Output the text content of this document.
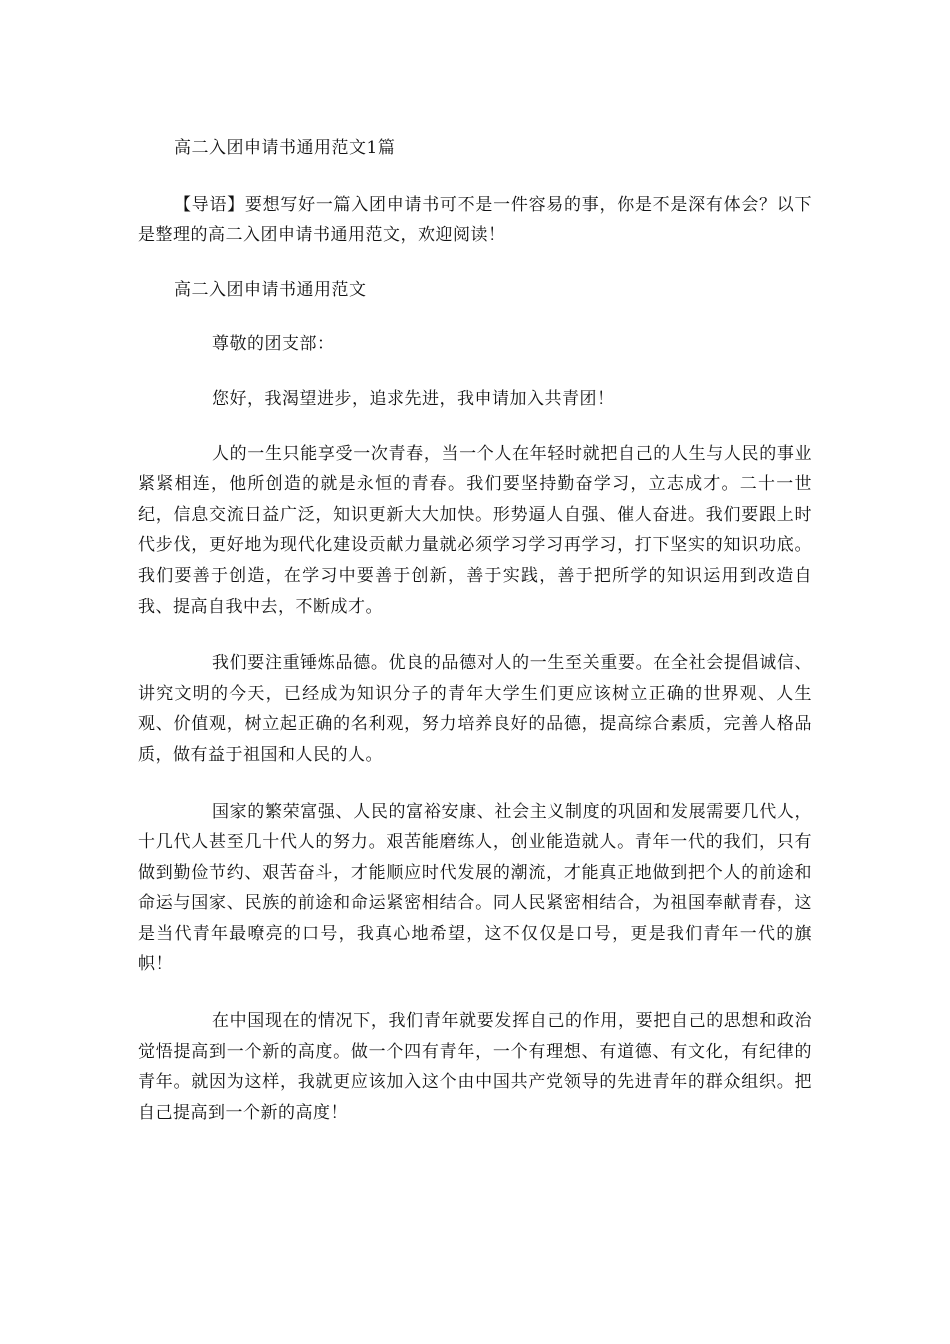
高二入团申请书通用范文1篇

【导语】要想写好一篇入团申请书可不是一件容易的事，你是不是深有体会？以下是整理的高二入团申请书通用范文，欢迎阅读！

高二入团申请书通用范文

尊敬的团支部：

您好，我渴望进步，追求先进，我申请加入共青团！

人的一生只能享受一次青春，当一个人在年轻时就把自己的人生与人民的事业紧紧相连，他所创造的就是永恒的青春。我们要坚持勤奋学习，立志成才。二十一世纪，信息交流日益广泛，知识更新大大加快。形势逼人自强、催人奋进。我们要跟上时代步伐，更好地为现代化建设贡献力量就必须学习学习再学习，打下坚实的知识功底。我们要善于创造，在学习中要善于创新，善于实践，善于把所学的知识运用到改造自我、提高自我中去，不断成才。

我们要注重锤炼品德。优良的品德对人的一生至关重要。在全社会提倡诚信、讲究文明的今天，已经成为知识分子的青年大学生们更应该树立正确的世界观、人生观、价值观，树立起正确的名利观，努力培养良好的品德，提高综合素质，完善人格品质，做有益于祖国和人民的人。

国家的繁荣富强、人民的富裕安康、社会主义制度的巩固和发展需要几代人，十几代人甚至几十代人的努力。艰苦能磨练人，创业能造就人。青年一代的我们，只有做到勤俭节约、艰苦奋斗，才能顺应时代发展的潮流，才能真正地做到把个人的前途和命运与国家、民族的前途和命运紧密相结合。同人民紧密相结合，为祖国奉献青春，这是当代青年最嘹亮的口号，我真心地希望，这不仅仅是口号，更是我们青年一代的旗帜！

在中国现在的情况下，我们青年就要发挥自己的作用，要把自己的思想和政治觉悟提高到一个新的高度。做一个四有青年，一个有理想、有道德、有文化，有纪律的青年。就因为这样，我就更应该加入这个由中国共产党领导的先进青年的群众组织。把自己提高到一个新的高度！
